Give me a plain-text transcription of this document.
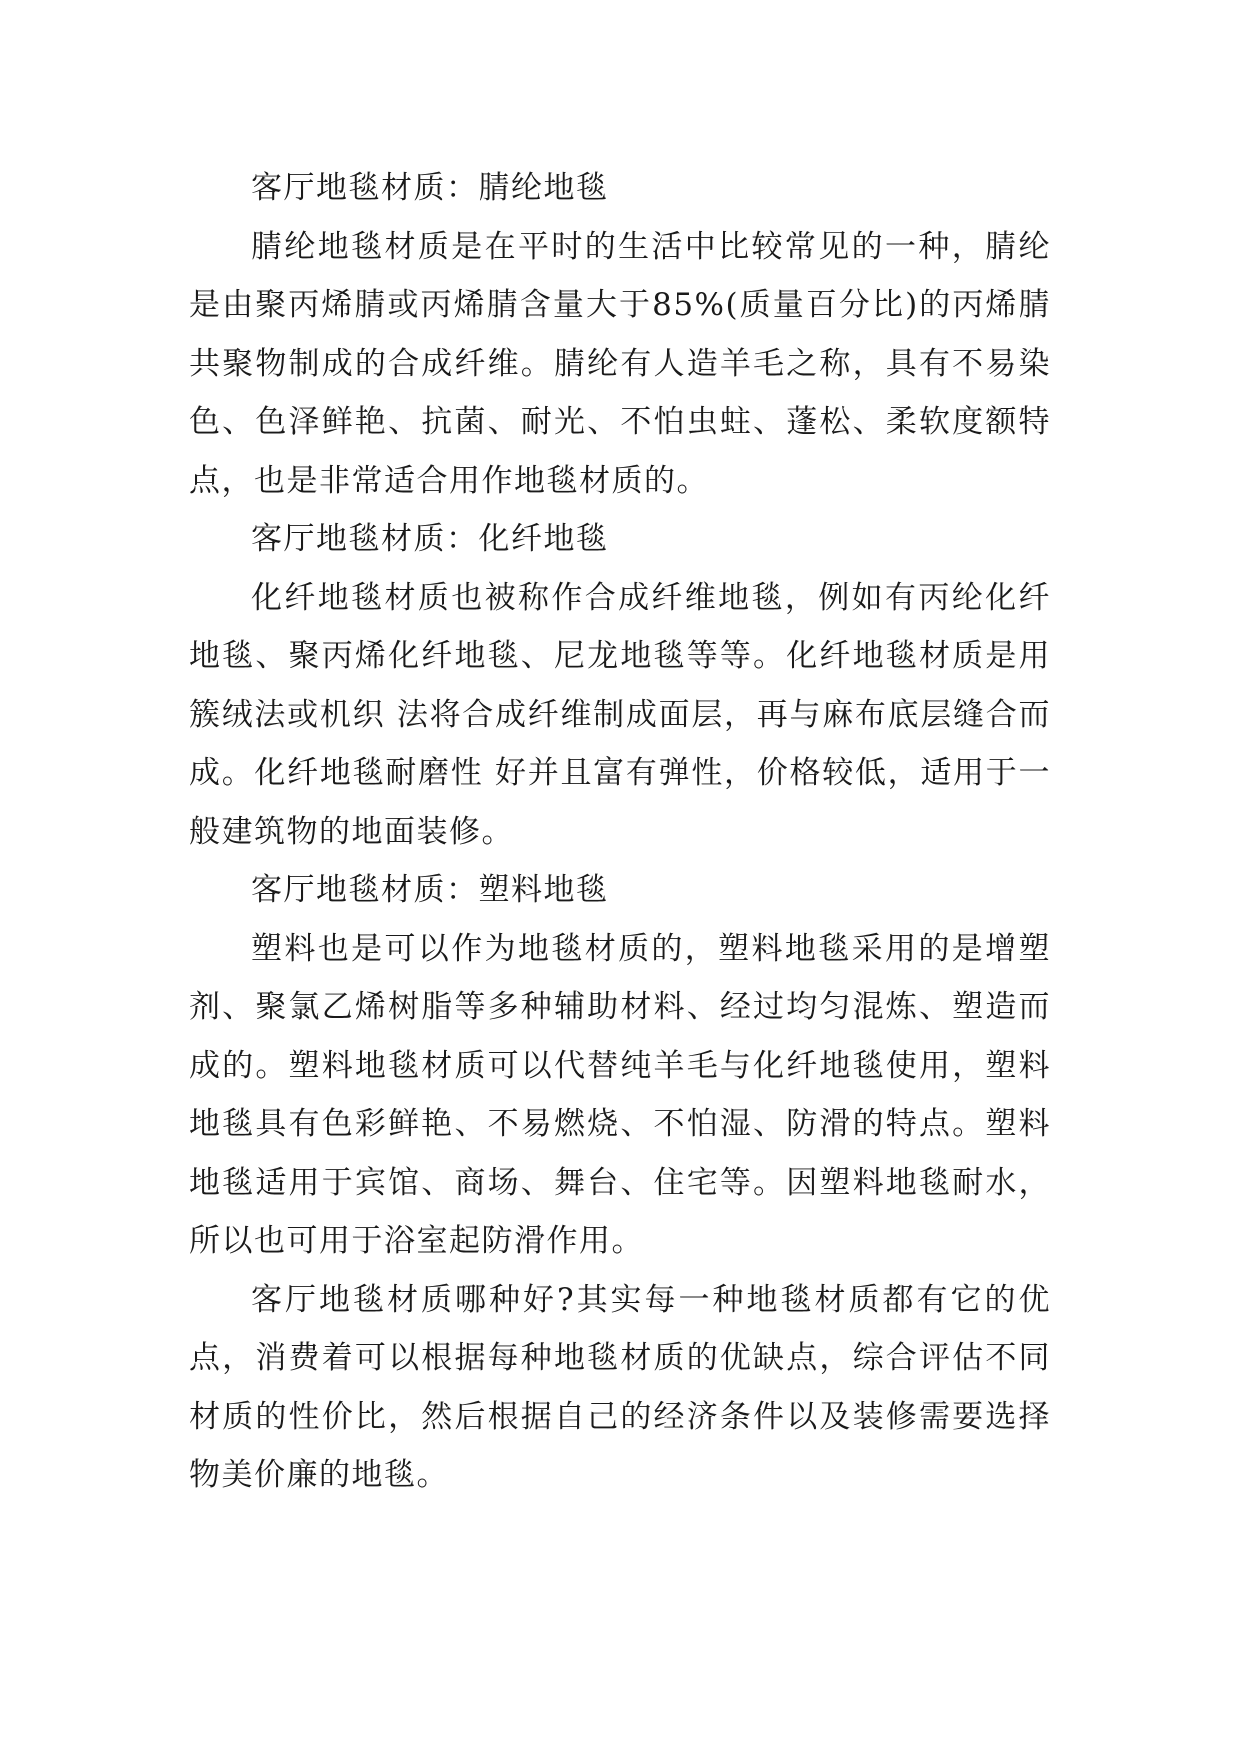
客厅地毯材质：腈纶地毯

腈纶地毯材质是在平时的生活中比较常见的一种，腈纶是由聚丙烯腈或丙烯腈含量大于85%(质量百分比)的丙烯腈共聚物制成的合成纤维。腈纶有人造羊毛之称，具有不易染色、色泽鲜艳、抗菌、耐光、不怕虫蛀、蓬松、柔软度额特点，也是非常适合用作地毯材质的。

客厅地毯材质：化纤地毯

化纤地毯材质也被称作合成纤维地毯，例如有丙纶化纤地毯、聚丙烯化纤地毯、尼龙地毯等等。化纤地毯材质是用簇绒法或机织 法将合成纤维制成面层，再与麻布底层缝合而成。化纤地毯耐磨性 好并且富有弹性，价格较低，适用于一般建筑物的地面装修。

客厅地毯材质：塑料地毯

塑料也是可以作为地毯材质的，塑料地毯采用的是增塑剂、聚氯乙烯树脂等多种辅助材料、经过均匀混炼、塑造而成的。塑料地毯材质可以代替纯羊毛与化纤地毯使用，塑料地毯具有色彩鲜艳、不易燃烧、不怕湿、防滑的特点。塑料地毯适用于宾馆、商场、舞台、住宅等。因塑料地毯耐水，所以也可用于浴室起防滑作用。

客厅地毯材质哪种好?其实每一种地毯材质都有它的优点，消费着可以根据每种地毯材质的优缺点，综合评估不同材质的性价比，然后根据自己的经济条件以及装修需要选择物美价廉的地毯。
